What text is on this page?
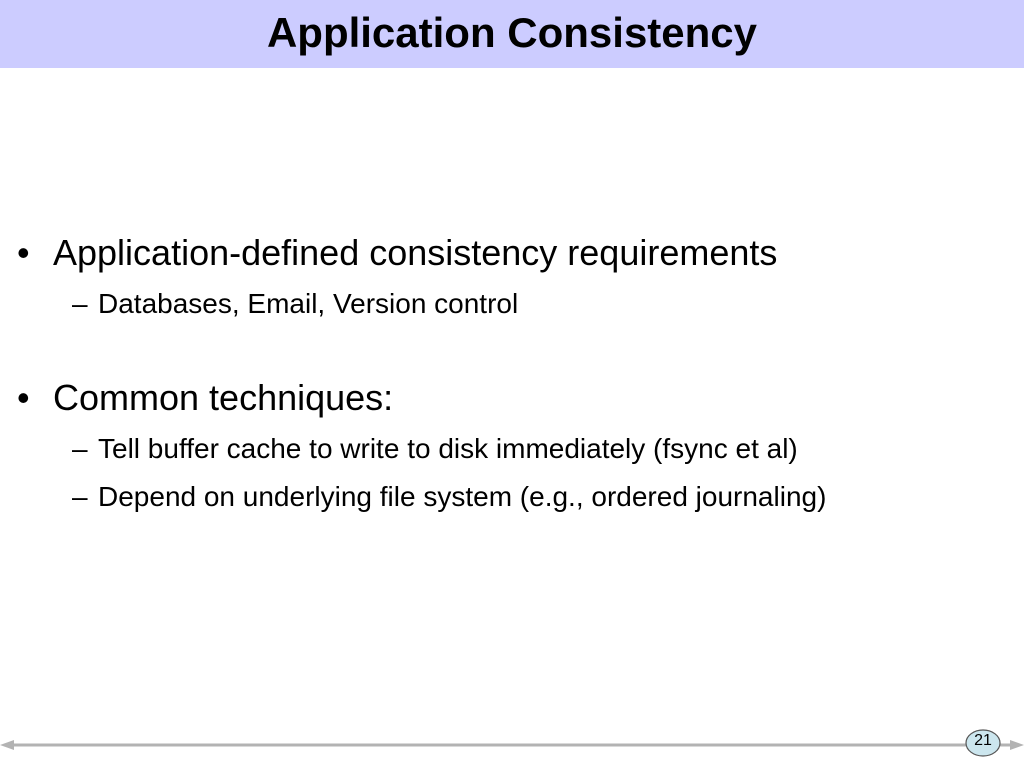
Application Consistency
• Application-defined consistency requirements
– Databases, Email, Version control
• Common techniques:
– Tell buffer cache to write to disk immediately (fsync et al)
– Depend on underlying file system (e.g., ordered journaling)
21
